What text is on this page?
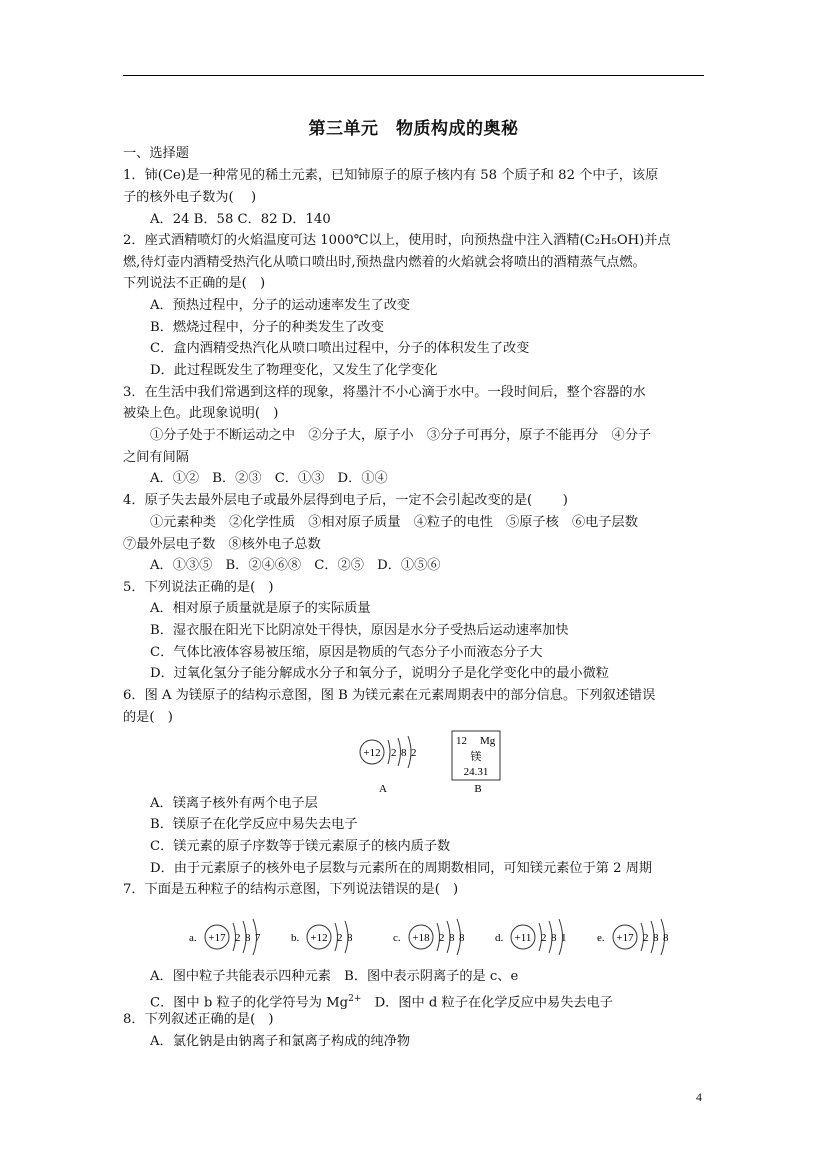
第三单元　物质构成的奥秘
一、选择题
1．铈(Ce)是一种常见的稀土元素，已知铈原子的原子核内有 58 个质子和 82 个中子，该原
子的核外电子数为(　 )
A．24 B．58 C．82 D．140
2．座式酒精喷灯的火焰温度可达 1000℃以上，使用时，向预热盘中注入酒精(C₂H₅OH)并点
燃,待灯壶内酒精受热汽化从喷口喷出时,预热盘内燃着的火焰就会将喷出的酒精蒸气点燃。
下列说法不正确的是(　)
A．预热过程中，分子的运动速率发生了改变
B．燃烧过程中，分子的种类发生了改变
C．盒内酒精受热汽化从喷口喷出过程中，分子的体积发生了改变
D．此过程既发生了物理变化，又发生了化学变化
3．在生活中我们常遇到这样的现象，将墨汁不小心滴于水中。一段时间后，整个容器的水
被染上色。此现象说明(　)
①分子处于不断运动之中　②分子大，原子小　③分子可再分，原子不能再分　④分子
之间有间隔
A．①②　B．②③　C．①③　D．①④
4．原子失去最外层电子或最外层得到电子后，一定不会引起改变的是(　　 )
①元素种类　②化学性质　③相对原子质量　④粒子的电性　⑤原子核　⑥电子层数
⑦最外层电子数　⑧核外电子总数
A．①③⑤　B．②④⑥⑧　C．②⑤　D．①⑤⑥
5．下列说法正确的是(　)
A．相对原子质量就是原子的实际质量
B．湿衣服在阳光下比阴凉处干得快，原因是水分子受热后运动速率加快
C．气体比液体容易被压缩，原因是物质的气态分子小而液态分子大
D．过氧化氢分子能分解成水分子和氧分子，说明分子是化学变化中的最小微粒
6．图 A 为镁原子的结构示意图，图 B 为镁元素在元素周期表中的部分信息。下列叙述错误
的是(　)
+12 2 8 2
A
12 Mg
镁
24.31
B
A．镁离子核外有两个电子层
B．镁原子在化学反应中易失去电子
C．镁元素的原子序数等于镁元素原子的核内质子数
D．由于元素原子的核外电子层数与元素所在的周期数相同，可知镁元素位于第 2 周期
7．下面是五种粒子的结构示意图，下列说法错误的是(　)
a. +17 2 8 7	b. +12 2 8	c. +18 2 8 8	d. +11 2 8 1	e. +17 2 8 8
A．图中粒子共能表示四种元素　B．图中表示阴离子的是 c、e
C．图中 b 粒子的化学符号为 $Mg^{2+}$　D．图中 d 粒子在化学反应中易失去电子
8．下列叙述正确的是(　)
A．氯化钠是由钠离子和氯离子构成的纯净物
4
